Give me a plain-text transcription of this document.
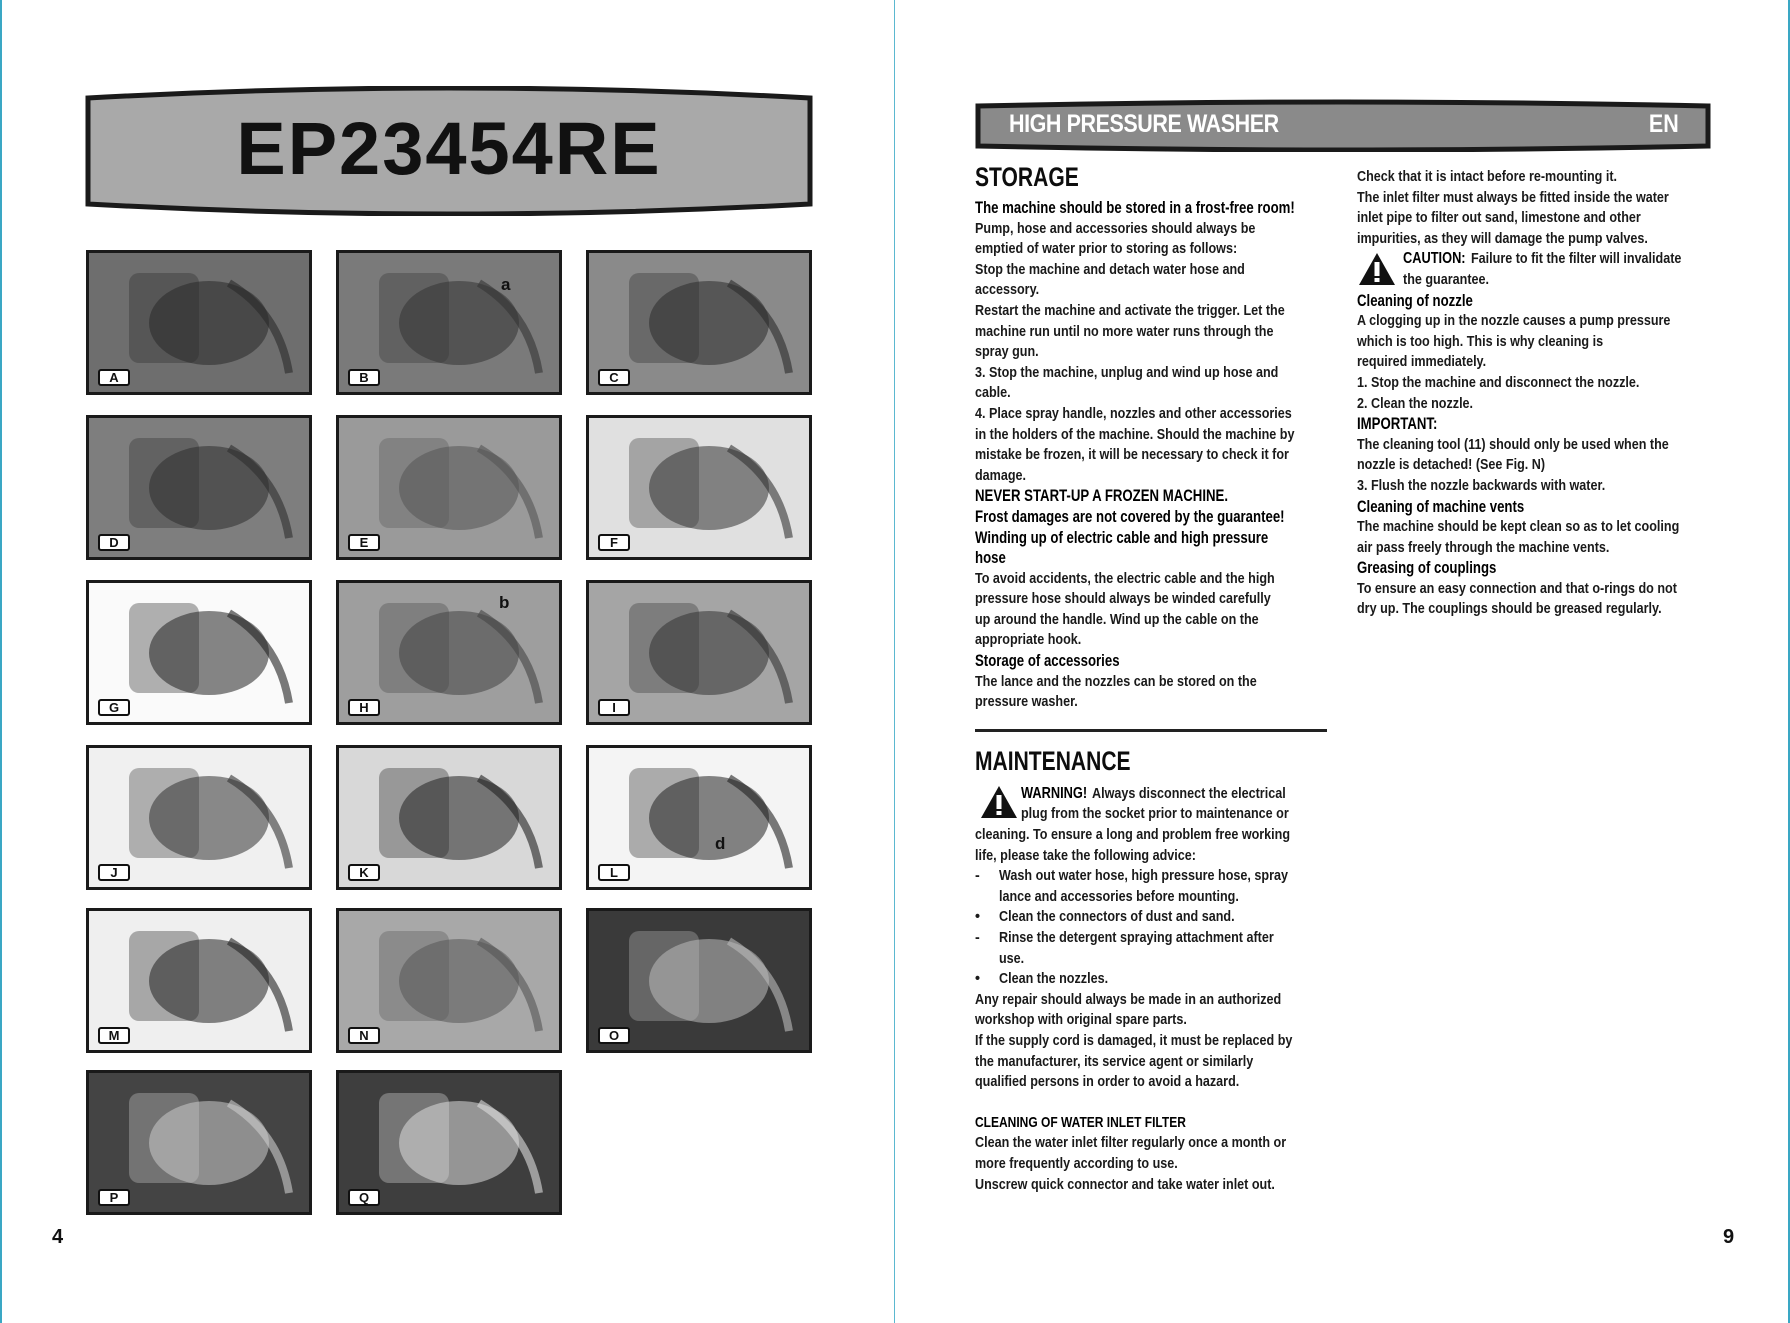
EP23454RE
A	B
a
C
D	E	F
G	H
b
I
J	K	L
d
M	N	O
P	Q
4
HIGH PRESSURE WASHER	EN
STORAGE
The machine should be stored in a frost-free room!

Pump, hose and accessories should always be

emptied of water prior to storing as follows:

Stop the machine and detach water hose and

accessory.

Restart the machine and activate the trigger. Let the

machine run until no more water runs through the

spray gun.

3. Stop the machine, unplug and wind up hose and

cable.

4. Place spray handle, nozzles and other accessories

in the holders of the machine. Should the machine by

mistake be frozen, it will be necessary to check it for

damage.

NEVER START-UP A FROZEN MACHINE.
Frost damages are not covered by the guarantee!
Winding up of electric cable and high pressure
hose

To avoid accidents, the electric cable and the high

pressure hose should always be winded carefully

up around the handle. Wind up the cable on the

appropriate hook.

Storage of accessories

The lance and the nozzles can be stored on the

pressure washer.

MAINTENANCE

WARNING!Always disconnect the electrical

plug from the socket prior to maintenance or

cleaning. To ensure a long and problem free working

life, please take the following advice:

- Wash out water hose, high pressure hose, spray

lance and accessories before mounting.

• Clean the connectors of dust and sand.

- Rinse the detergent spraying attachment after

use.

• Clean the nozzles.

Any repair should always be made in an authorized

workshop with original spare parts.

If the supply cord is damaged, it must be replaced by

the manufacturer, its service agent or similarly

qualified persons in order to avoid a hazard.

CLEANING OF WATER INLET FILTER

Clean the water inlet filter regularly once a month or

more frequently according to use.

Unscrew quick connector and take water inlet out.

Check that it is intact before re-mounting it.

The inlet filter must always be fitted inside the water

inlet pipe to filter out sand, limestone and other

impurities, as they will damage the pump valves.

CAUTION:Failure to fit the filter will invalidate

the guarantee.

Cleaning of nozzle

A clogging up in the nozzle causes a pump pressure

which is too high. This is why cleaning is

required immediately.

1. Stop the machine and disconnect the nozzle.

2. Clean the nozzle.

IMPORTANT:

The cleaning tool (11) should only be used when the

nozzle is detached! (See Fig. N)

3. Flush the nozzle backwards with water.

Cleaning of machine vents

The machine should be kept clean so as to let cooling

air pass freely through the machine vents.

Greasing of couplings

To ensure an easy connection and that o-rings do not

dry up. The couplings should be greased regularly.

9
